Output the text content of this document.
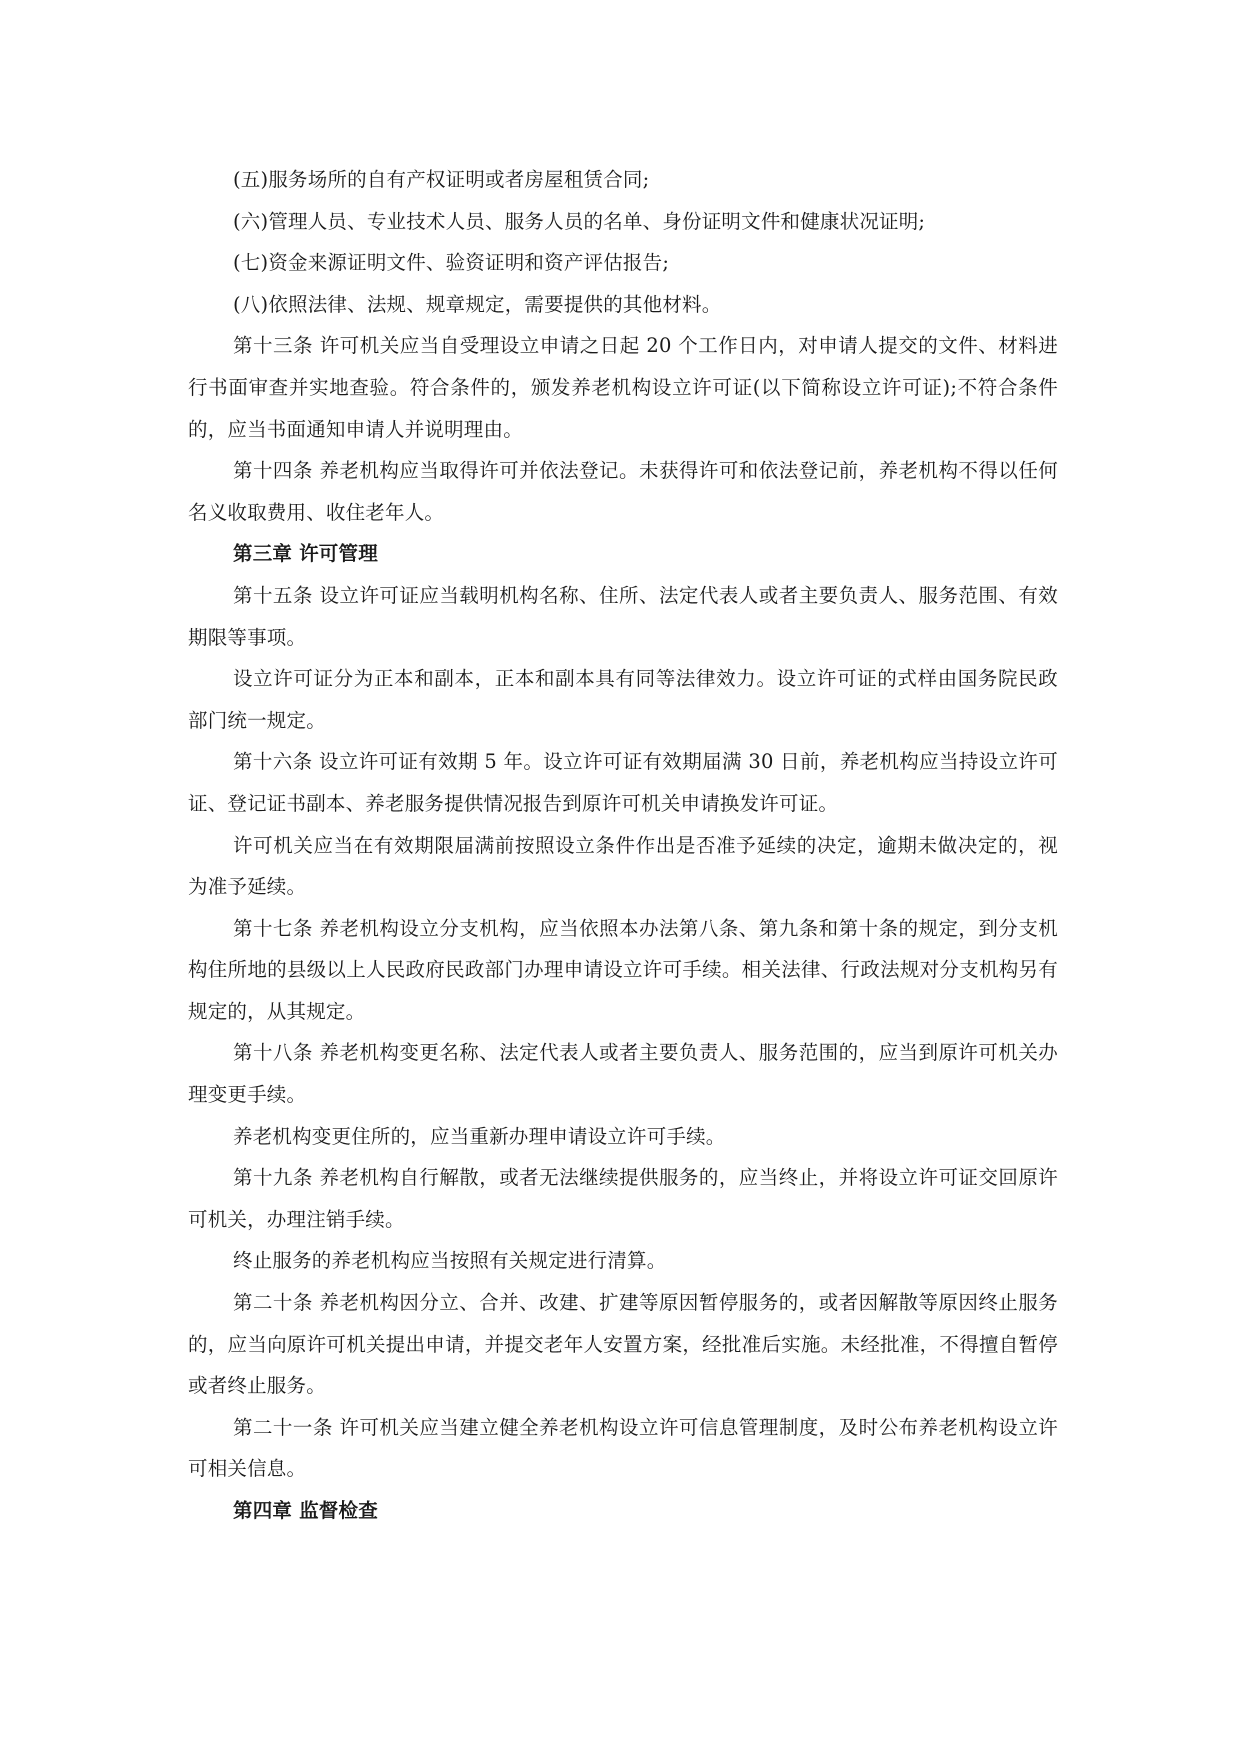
(五)服务场所的自有产权证明或者房屋租赁合同;

(六)管理人员、专业技术人员、服务人员的名单、身份证明文件和健康状况证明;

(七)资金来源证明文件、验资证明和资产评估报告;

(八)依照法律、法规、规章规定，需要提供的其他材料。

第十三条 许可机关应当自受理设立申请之日起 20 个工作日内，对申请人提交的文件、材料进行书面审查并实地查验。符合条件的，颁发养老机构设立许可证(以下简称设立许可证);不符合条件的，应当书面通知申请人并说明理由。

第十四条 养老机构应当取得许可并依法登记。未获得许可和依法登记前，养老机构不得以任何名义收取费用、收住老年人。

第三章 许可管理

第十五条 设立许可证应当载明机构名称、住所、法定代表人或者主要负责人、服务范围、有效期限等事项。

设立许可证分为正本和副本，正本和副本具有同等法律效力。设立许可证的式样由国务院民政部门统一规定。

第十六条 设立许可证有效期 5 年。设立许可证有效期届满 30 日前，养老机构应当持设立许可证、登记证书副本、养老服务提供情况报告到原许可机关申请换发许可证。

许可机关应当在有效期限届满前按照设立条件作出是否准予延续的决定，逾期未做决定的，视为准予延续。

第十七条 养老机构设立分支机构，应当依照本办法第八条、第九条和第十条的规定，到分支机构住所地的县级以上人民政府民政部门办理申请设立许可手续。相关法律、行政法规对分支机构另有规定的，从其规定。

第十八条 养老机构变更名称、法定代表人或者主要负责人、服务范围的，应当到原许可机关办理变更手续。

养老机构变更住所的，应当重新办理申请设立许可手续。

第十九条 养老机构自行解散，或者无法继续提供服务的，应当终止，并将设立许可证交回原许可机关，办理注销手续。

终止服务的养老机构应当按照有关规定进行清算。

第二十条 养老机构因分立、合并、改建、扩建等原因暂停服务的，或者因解散等原因终止服务的，应当向原许可机关提出申请，并提交老年人安置方案，经批准后实施。未经批准，不得擅自暂停或者终止服务。

第二十一条 许可机关应当建立健全养老机构设立许可信息管理制度，及时公布养老机构设立许可相关信息。

第四章 监督检查
